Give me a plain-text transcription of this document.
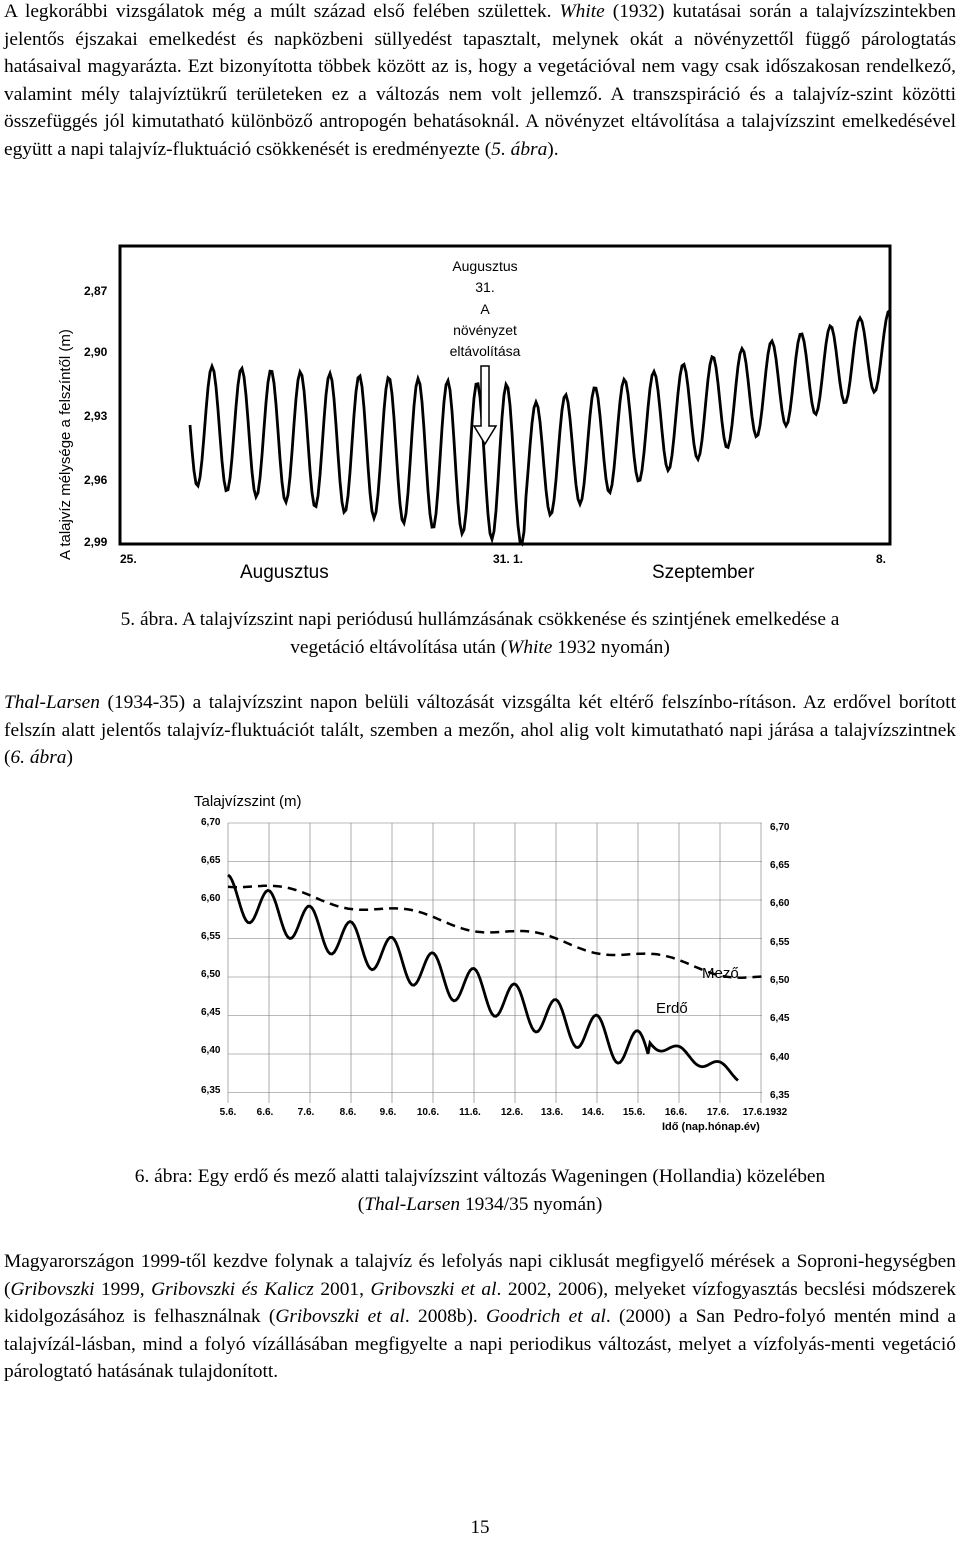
A legkorábbi vizsgálatok még a múlt század első felében születtek. White (1932) kutatásai során a talajvízszintekben jelentős éjszakai emelkedést és napközbeni süllyedést tapasztalt, melynek okát a növényzettől függő párologtatás hatásaival magyarázta. Ezt bizonyította többek között az is, hogy a vegetációval nem vagy csak időszakosan rendelkező, valamint mély talajvíztükrű területeken ez a változás nem volt jellemző. A transzspiráció és a talajvíz-szint közötti összefüggés jól kimutatható különböző antropogén behatásoknál. A növényzet eltávolítása a talajvízszint emelkedésével együtt a napi talajvíz-fluktuáció csökkenését is eredményezte (5. ábra).

A talajvíz mélysége a felszíntől (m)
2,87
2,90
2,93
2,96
2,99
Augusztus
31.
A
növényzet
eltávolítása
25.	31. 1.	8.
Augusztus	Szeptember

5. ábra. A talajvízszint napi periódusú hullámzásának csökkenése és szintjének emelkedése a
vegetáció eltávolítása után (White 1932 nyomán)

Thal-Larsen (1934-35) a talajvízszint napon belüli változását vizsgálta két eltérő felszínbo-rításon. Az erdővel borított felszín alatt jelentős talajvíz-fluktuációt talált, szemben a mezőn, ahol alig volt kimutatható napi járása a talajvízszintnek (6. ábra)

Talajvízszint (m)
6,70
6,65
6,60
6,55
6,50
6,45
6,40
6,35
6,70
6,65
6,60
6,55
6,50
6,45
6,40
6,35
Mező
Erdő
5.6. 6.6. 7.6.	8.6. 9.6. 10.6. 11.6. 12.6. 13.6. 14.6. 15.6. 16.6. 17.6. 17.6.1932
Idő (nap.hónap.év)

6. ábra: Egy erdő és mező alatti talajvízszint változás Wageningen (Hollandia) közelében
(Thal-Larsen 1934/35 nyomán)

Magyarországon 1999-től kezdve folynak a talajvíz és lefolyás napi ciklusát megfigyelő mérések a Soproni-hegységben (Gribovszki 1999, Gribovszki és Kalicz 2001, Gribovszki et al. 2002, 2006), melyeket vízfogyasztás becslési módszerek kidolgozásához is felhasználnak (Gribovszki et al. 2008b). Goodrich et al. (2000) a San Pedro-folyó mentén mind a talajvízál-lásban, mind a folyó vízállásában megfigyelte a napi periodikus változást, melyet a vízfolyás-menti vegetáció párologtató hatásának tulajdonított.

15
